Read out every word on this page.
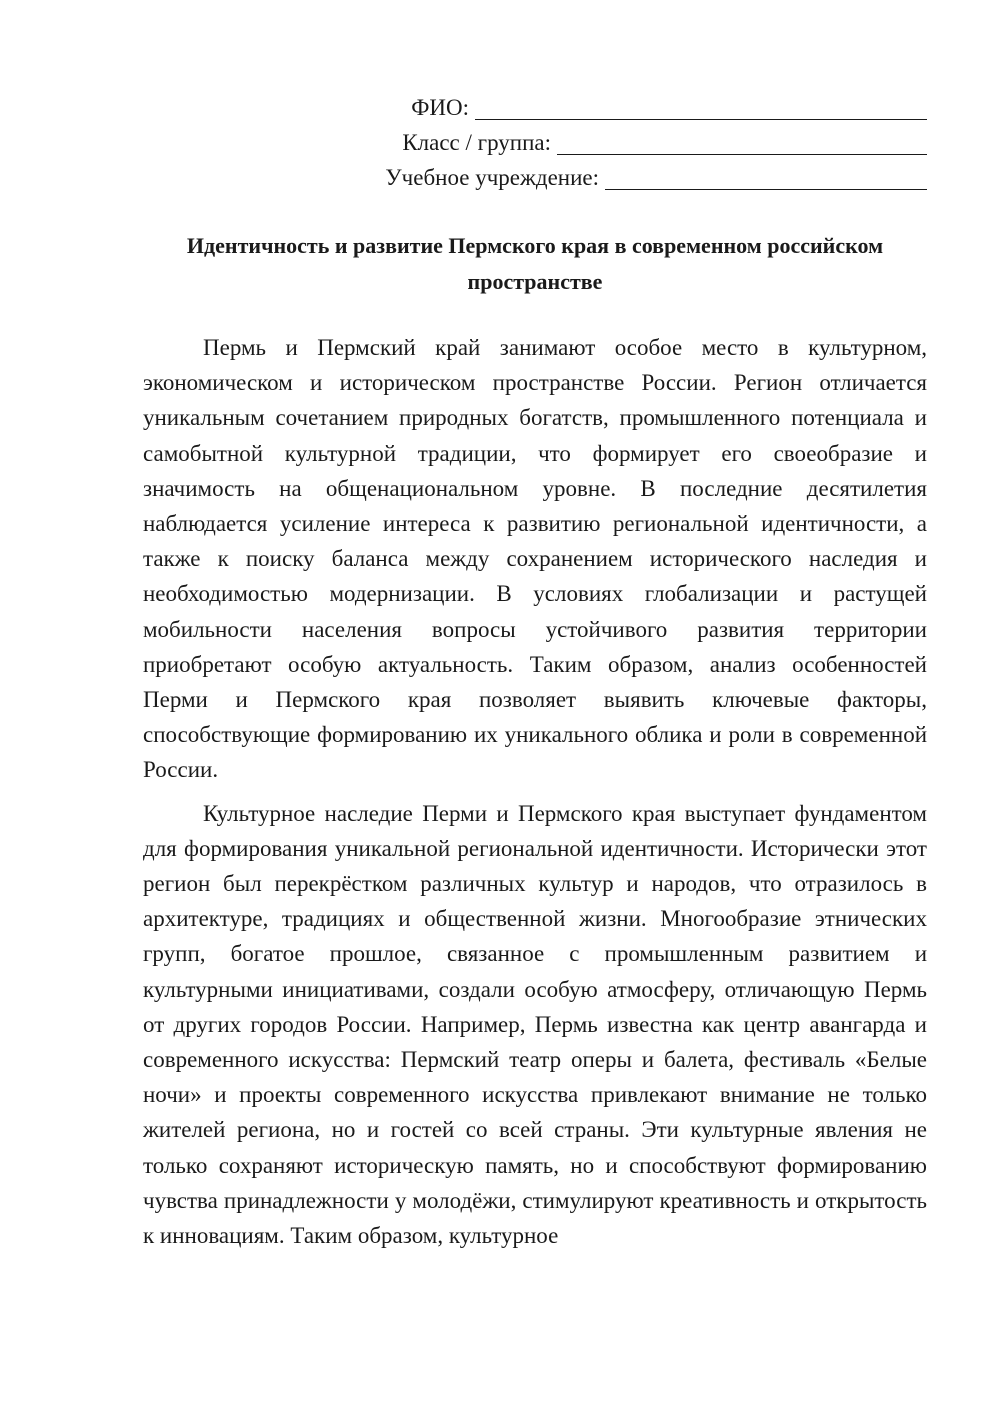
ФИО:
Класс / группа:
Учебное учреждение:
Идентичность и развитие Пермского края в современном российском пространстве

Пермь и Пермский край занимают особое место в культурном, экономическом и историческом пространстве России. Регион отличается уникальным сочетанием природных богатств, промышленного потенциала и самобытной культурной традиции, что формирует его своеобразие и значимость на общенациональном уровне. В последние десятилетия наблюдается усиление интереса к развитию региональной идентичности, а также к поиску баланса между сохранением исторического наследия и необходимостью модернизации. В условиях глобализации и растущей мобильности населения вопросы устойчивого развития территории приобретают особую актуальность. Таким образом, анализ особенностей Перми и Пермского края позволяет выявить ключевые факторы, способствующие формированию их уникального облика и роли в современной России.

Культурное наследие Перми и Пермского края выступает фундаментом для формирования уникальной региональной идентичности. Исторически этот регион был перекрёстком различных культур и народов, что отразилось в архитектуре, традициях и общественной жизни. Многообразие этнических групп, богатое прошлое, связанное с промышленным развитием и культурными инициативами, создали особую атмосферу, отличающую Пермь от других городов России. Например, Пермь известна как центр авангарда и современного искусства: Пермский театр оперы и балета, фестиваль «Белые ночи» и проекты современного искусства привлекают внимание не только жителей региона, но и гостей со всей страны. Эти культурные явления не только сохраняют историческую память, но и способствуют формированию чувства принадлежности у молодёжи, стимулируют креативность и открытость к инновациям. Таким образом, культурное
